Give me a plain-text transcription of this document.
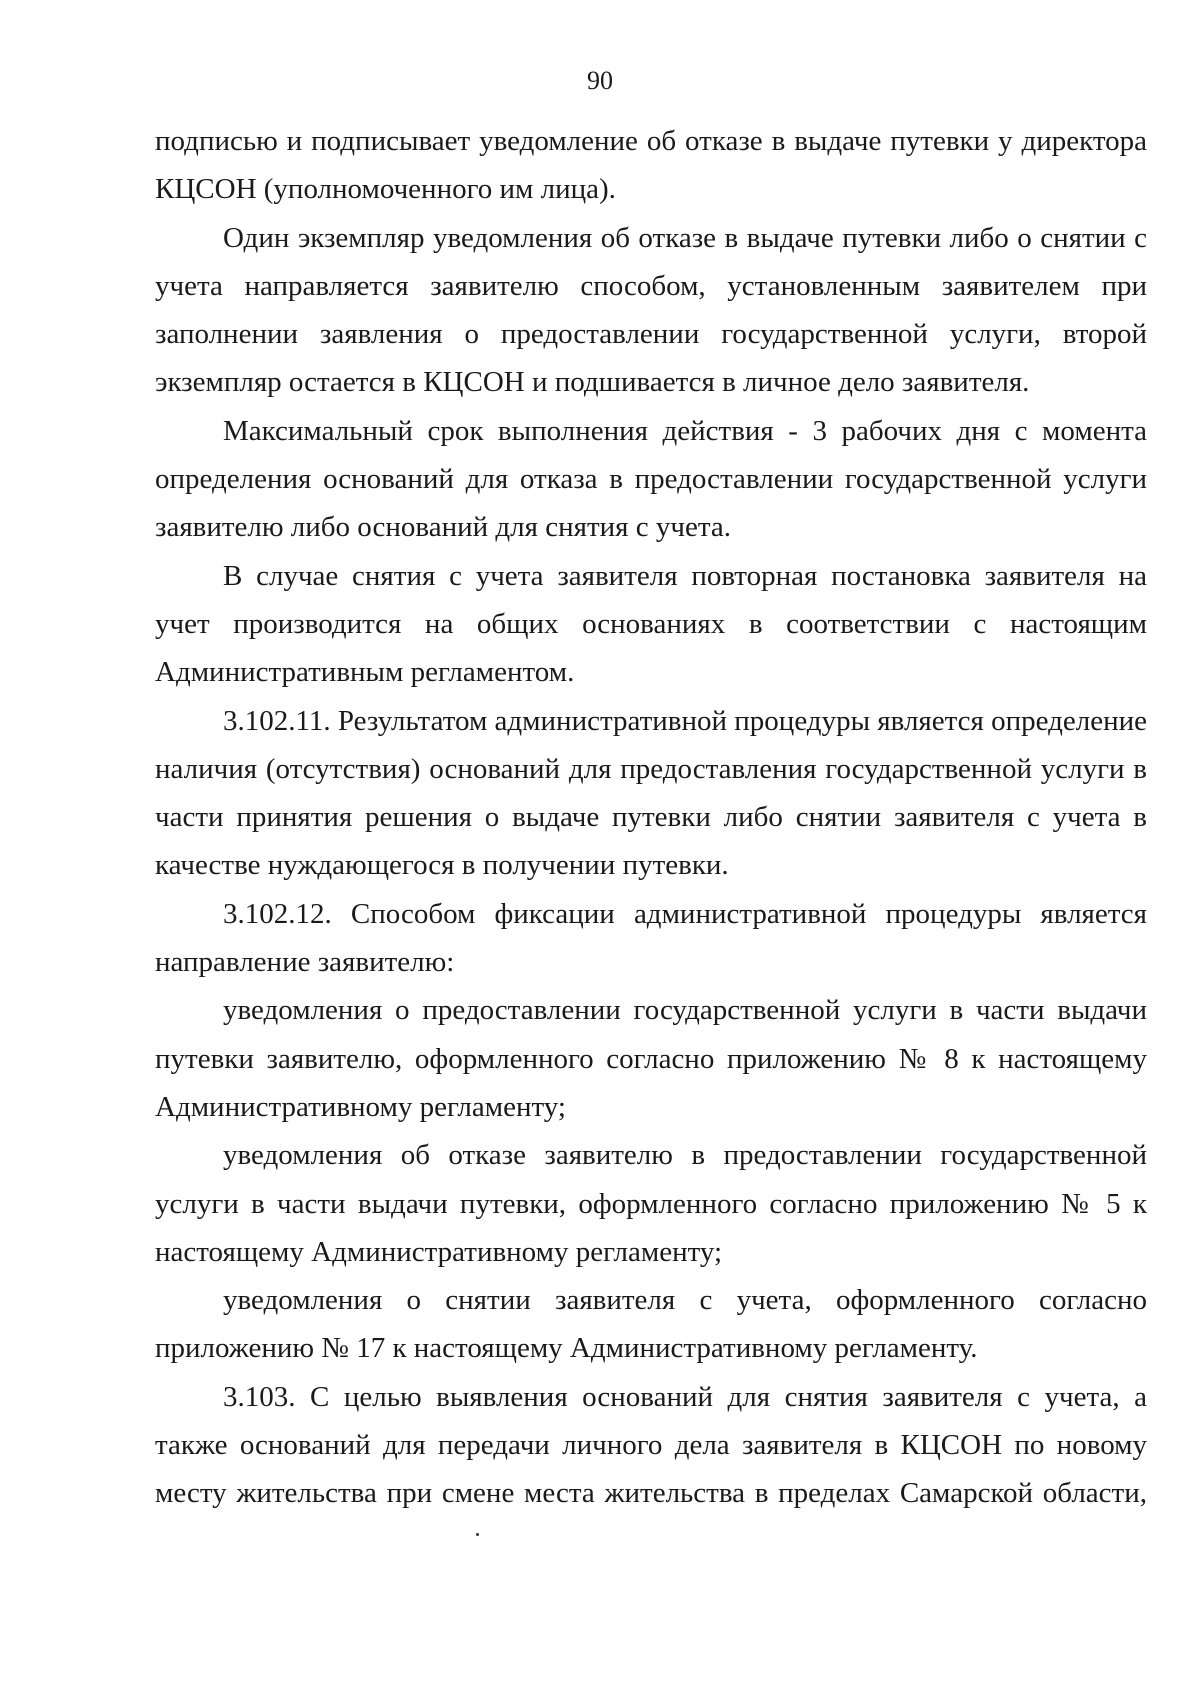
90

подписью и подписывает уведомление об отказе в выдаче путевки у директора КЦСОН (уполномоченного им лица).

Один экземпляр уведомления об отказе в выдаче путевки либо о снятии с учета направляется заявителю способом, установленным заявителем при заполнении заявления о предоставлении государственной услуги, второй экземпляр остается в КЦСОН и подшивается в личное дело заявителя.

Максимальный срок выполнения действия - 3 рабочих дня с момента определения оснований для отказа в предоставлении государственной услуги заявителю либо оснований для снятия с учета.

В случае снятия с учета заявителя повторная постановка заявителя на учет производится на общих основаниях в соответствии с настоящим Административным регламентом.

3.102.11. Результатом административной процедуры является определение наличия (отсутствия) оснований для предоставления государственной услуги в части принятия решения о выдаче путевки либо снятии заявителя с учета в качестве нуждающегося в получении путевки.

3.102.12. Способом фиксации административной процедуры является направление заявителю:

уведомления о предоставлении государственной услуги в части выдачи путевки заявителю, оформленного согласно приложению № 8 к настоящему Административному регламенту;

уведомления об отказе заявителю в предоставлении государственной услуги в части выдачи путевки, оформленного согласно приложению № 5 к настоящему Административному регламенту;

уведомления о снятии заявителя с учета, оформленного согласно приложению № 17 к настоящему Административному регламенту.

3.103. С целью выявления оснований для снятия заявителя с учета, а также оснований для передачи личного дела заявителя в КЦСОН по новому месту жительства при смене места жительства в пределах Самарской области,
